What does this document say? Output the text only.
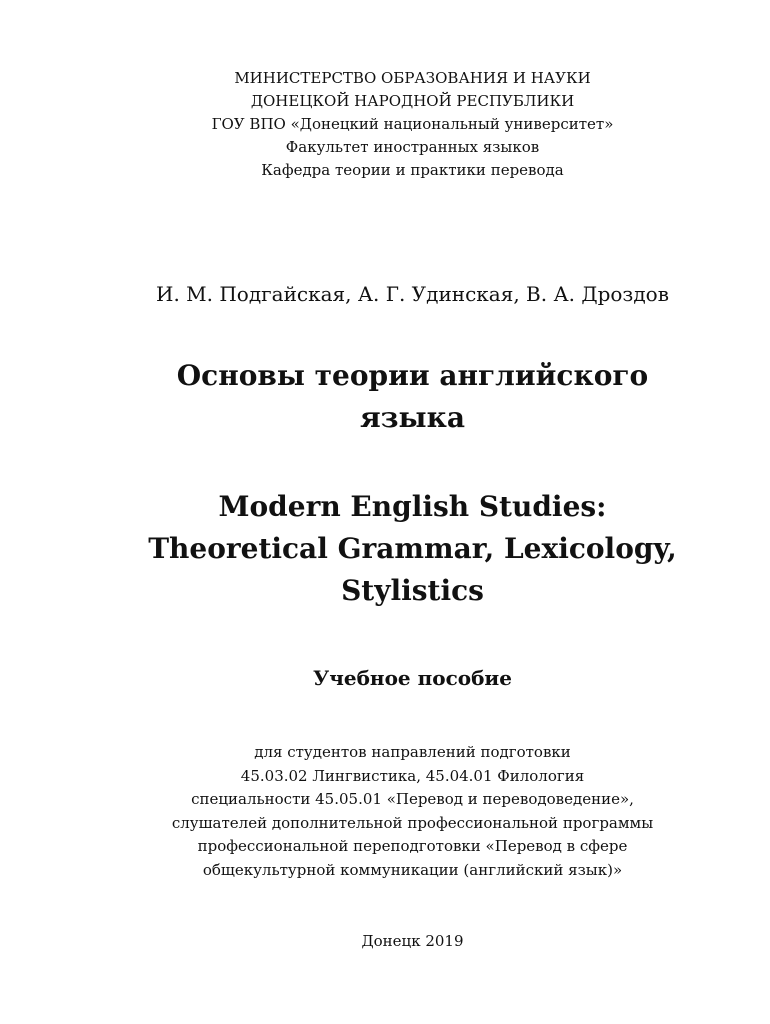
МИНИСТЕРСТВО ОБРАЗОВАНИЯ И НАУКИ
ДОНЕЦКОЙ НАРОДНОЙ РЕСПУБЛИКИ
ГОУ ВПО «Донецкий национальный университет»
Факультет иностранных языков
Кафедра теории и практики перевода
И. М. Подгайская, А. Г. Удинская, В. А. Дроздов
Основы теории английского
языка
Modern English Studies:
Theoretical Grammar, Lexicology,
Stylistics
Учебное пособие
для студентов направлений подготовки
45.03.02 Лингвистика, 45.04.01 Филология
специальности 45.05.01 «Перевод и переводоведение»,
слушателей дополнительной профессиональной программы
профессиональной переподготовки «Перевод в сфере
общекультурной коммуникации (английский язык)»
Донецк 2019
